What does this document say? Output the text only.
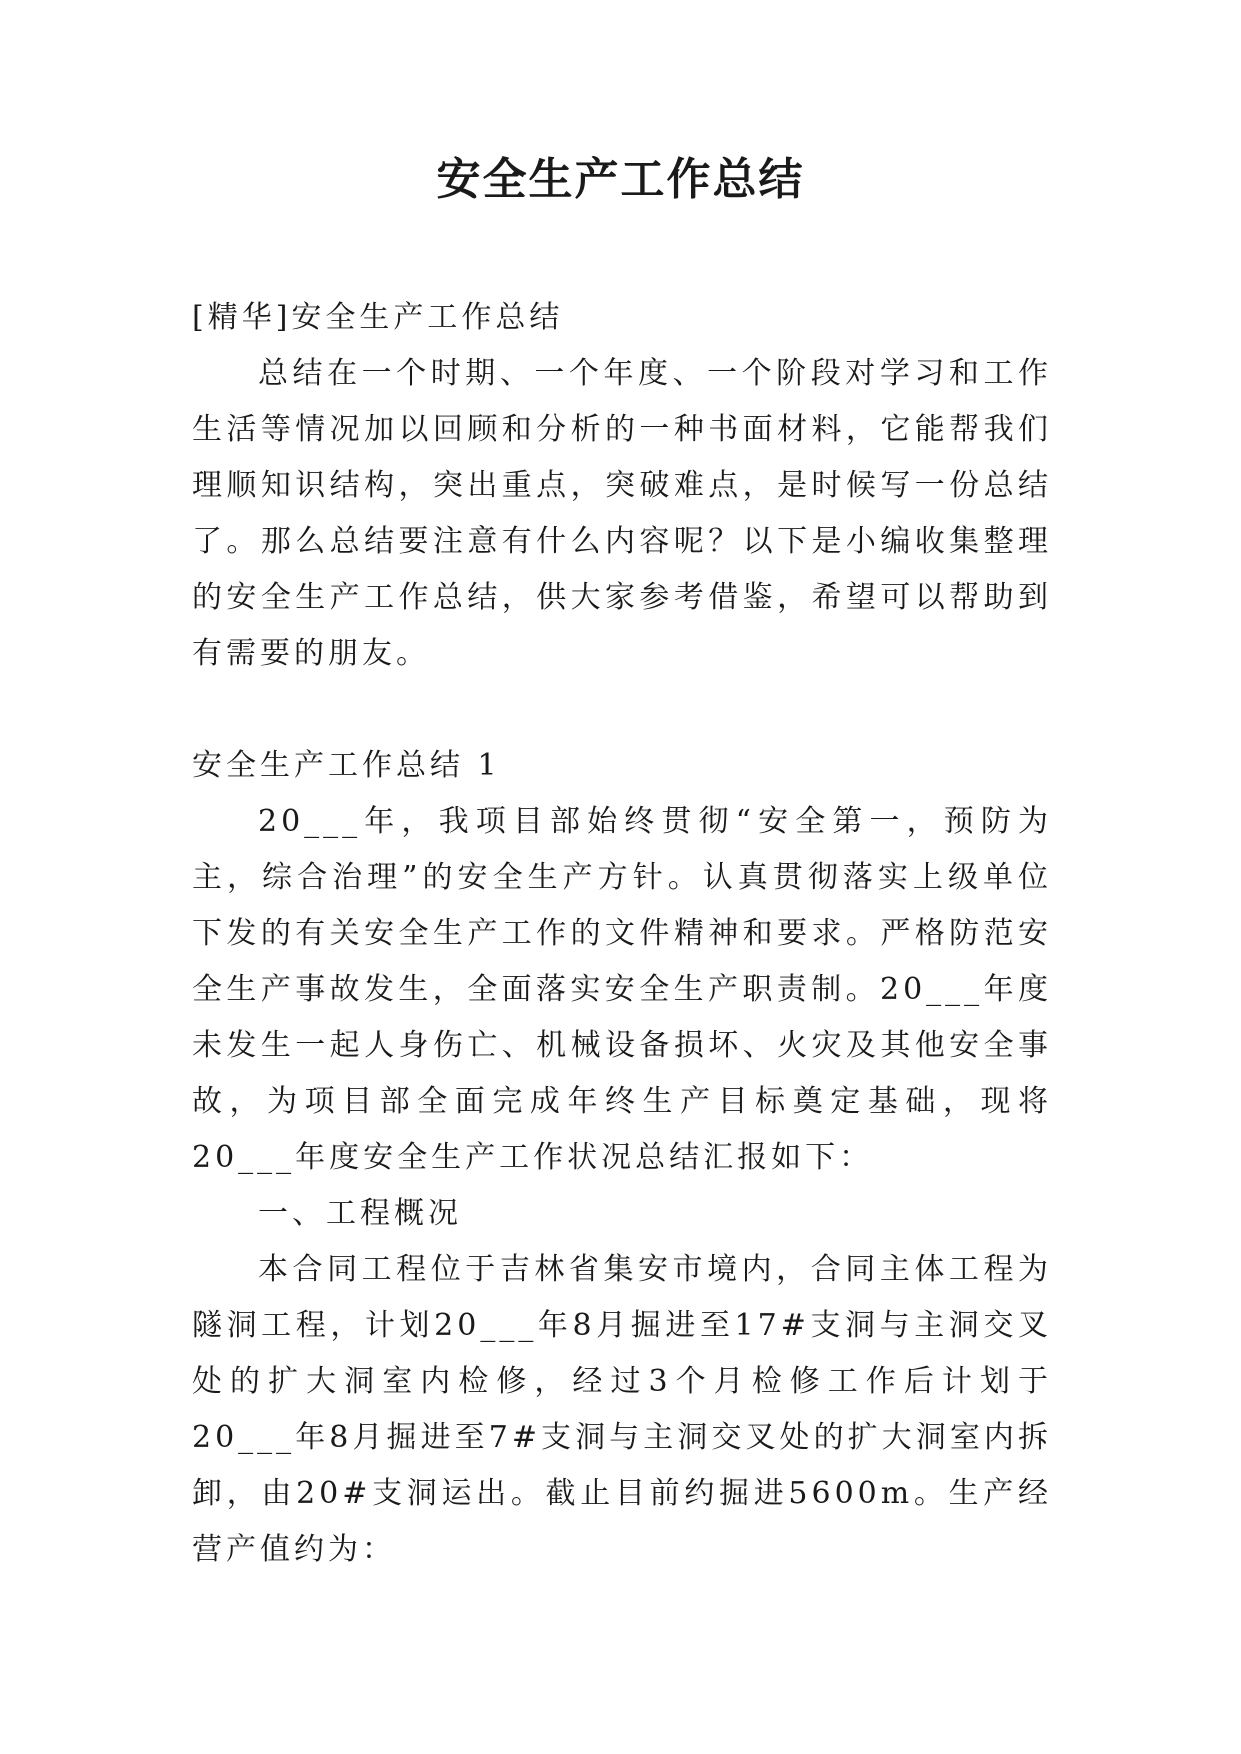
安全生产工作总结

[精华]安全生产工作总结

总结在一个时期、一个年度、一个阶段对学习和工作生活等情况加以回顾和分析的一种书面材料，它能帮我们理顺知识结构，突出重点，突破难点，是时候写一份总结了。那么总结要注意有什么内容呢？以下是小编收集整理的安全生产工作总结，供大家参考借鉴，希望可以帮助到有需要的朋友。

安全生产工作总结 1

20___年，我项目部始终贯彻“安全第一，预防为主，综合治理”的安全生产方针。认真贯彻落实上级单位下发的有关安全生产工作的文件精神和要求。严格防范安全生产事故发生，全面落实安全生产职责制。20___年度未发生一起人身伤亡、机械设备损坏、火灾及其他安全事故，为项目部全面完成年终生产目标奠定基础，现将20___年度安全生产工作状况总结汇报如下：

一、工程概况

本合同工程位于吉林省集安市境内，合同主体工程为隧洞工程，计划20___年8月掘进至17#支洞与主洞交叉处的扩大洞室内检修，经过3个月检修工作后计划于20___年8月掘进至7#支洞与主洞交叉处的扩大洞室内拆卸，由20#支洞运出。截止目前约掘进5600m。生产经营产值约为：
